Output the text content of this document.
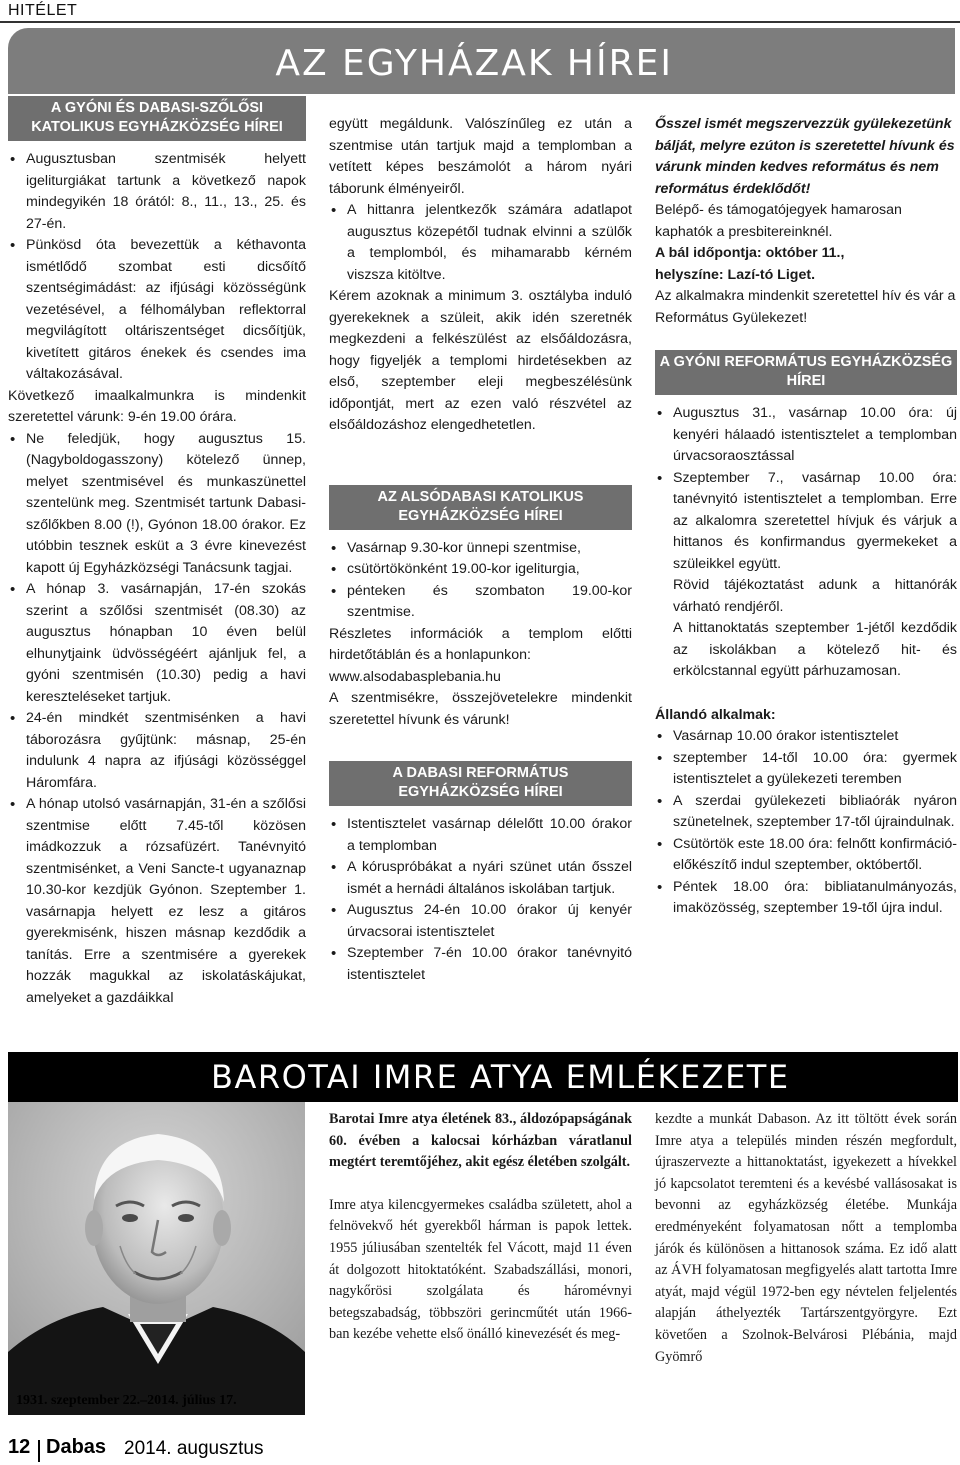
HITÉLET
AZ EGYHÁZAK HÍREI
A GYÓNI ÉS DABASI-SZŐLŐSI KATOLIKUS EGYHÁZKÖZSÉG HÍREI

• Augusztusban szentmisék helyett igeliturgiákat tartunk a következő napok mindegyikén 18 órától: 8., 11., 13., 25. és 27-én.

• Pünkösd óta bevezettük a kéthavonta ismétlődő szombat esti dicsőítő szentségimádást: az ifjúsági közösségünk vezetésével, a félhomályban reflektorral megvilágított oltáriszentséget dicsőítjük, kivetített gitáros énekek és csendes ima váltakozásával.

Következő imaalkalmunkra is mindenkit szeretettel várunk: 9-én 19.00 órára.

• Ne feledjük, hogy augusztus 15. (Nagyboldogasszony) kötelező ünnep, melyet szentmisével és munkaszünettel szentelünk meg. Szentmisét tartunk Dabasi-szőlőkben 8.00 (!), Gyónon 18.00 órakor. Ez utóbbin tesznek esküt a 3 évre kinevezést kapott új Egyházközségi Tanácsunk tagjai.

• A hónap 3. vasárnapján, 17-én szokás szerint a szőlősi szentmisét (08.30) az augusztus hónapban 10 éven belül elhunytjaink üdvösségéért ajánljuk fel, a gyóni szentmisén (10.30) pedig a havi kereszteléseket tartjuk.

• 24-én mindkét szentmisénken a havi táborozásra gyűjtünk: másnap, 25-én indulunk 4 napra az ifjúsági közösséggel Háromfára.

• A hónap utolsó vasárnapján, 31-én a szőlősi szentmise előtt 7.45-től közösen imádkozzuk a rózsafüzért. Tanévnyitó szentmisénket, a Veni Sancte-t ugyanaznap 10.30-kor kezdjük Gyónon. Szeptember 1. vasárnapja helyett ez lesz a gitáros gyerekmisénk, hiszen másnap kezdődik a tanítás. Erre a szentmisére a gyerekek hozzák magukkal az iskolatáskájukat, amelyeket a gazdáikkal

együtt megáldunk. Valószínűleg ez után a szentmise után tartjuk majd a templomban a vetített képes beszámolót a három nyári táborunk élményeiről.

• A hittanra jelentkezők számára adatlapot augusztus közepétől tudnak elvinni a szülők a templomból, és mihamarabb kérném viszsza kitöltve.

Kérem azoknak a minimum 3. osztályba induló gyerekeknek a szüleit, akik idén szeretnék megkezdeni a felkészülést az elsőáldozásra, hogy figyeljék a templomi hirdetésekben az első, szeptember eleji megbeszélésünk időpontját, mert az ezen való részvétel az elsőáldozáshoz elengedhetetlen.

AZ ALSÓDABASI KATOLIKUS EGYHÁZKÖZSÉG HÍREI

• Vasárnap 9.30-kor ünnepi szentmise,

• csütörtökönként 19.00-kor igeliturgia,

• pénteken és szombaton 19.00-kor szentmise.

Részletes információk a templom előtti hirdetőtáblán és a honlapunkon:

www.alsodabasplebania.hu

A szentmisékre, összejövetelekre mindenkit szeretettel hívunk és várunk!

A DABASI REFORMÁTUS EGYHÁZKÖZSÉG HÍREI

• Istentisztelet vasárnap délelőtt 10.00 órakor a templomban

• A kóruspróbákat a nyári szünet után ősszel ismét a hernádi általános iskolában tartjuk.

• Augusztus 24-én 10.00 órakor új kenyér úrvacsorai istentisztelet

• Szeptember 7-én 10.00 órakor tanévnyitó istentisztelet

Ősszel ismét megszervezzük gyülekezetünk bálját, melyre ezúton is szeretettel hívunk és várunk minden kedves református és nem református érdeklődőt!

Belépő- és támogatójegyek hamarosan kaphatók a presbitereinknél.

A bál időpontja: október 11.,

helyszíne: Lazí-tó Liget.

Az alkalmakra mindenkit szeretettel hív és vár a Református Gyülekezet!

A GYÓNI REFORMÁTUS EGYHÁZKÖZSÉG HÍREI

• Augusztus 31., vasárnap 10.00 óra: új kenyéri hálaadó istentisztelet a templomban úrvacsoraosztással

• Szeptember 7., vasárnap 10.00 óra: tanévnyitó istentisztelet a templomban. Erre az alkalomra szeretettel hívjuk és várjuk a hittanos és konfirmandus gyermekeket a szüleikkel együtt.

Rövid tájékoztatást adunk a hittanórák várható rendjéről.

A hittanoktatás szeptember 1-jétől kezdődik az iskolákban a kötelező hit- és erkölcstannal együtt párhuzamosan.

Állandó alkalmak:

• Vasárnap 10.00 órakor istentisztelet

• szeptember 14-től 10.00 óra: gyermek istentisztelet a gyülekezeti teremben

• A szerdai gyülekezeti bibliaórák nyáron szünetelnek, szeptember 17-től újraindulnak.

• Csütörtök este 18.00 óra: felnőtt konfirmáció-előkészítő indul szeptember, októbertől.

• Péntek 18.00 óra: bibliatanulmányozás, imaközösség, szeptember 19-től újra indul.

BAROTAI IMRE ATYA EMLÉKEZETE
1931. szeptember 22.–2014. július 17.

Barotai Imre atya életének 83., áldozópapságának 60. évében a kalocsai kórházban váratlanul megtért teremtőjéhez, akit egész életében szolgált.

Imre atya kilencgyermekes családba született, ahol a felnövekvő hét gyerekből hárman is papok lettek. 1955 júliusában szentelték fel Vácott, majd 11 éven át dolgozott hitoktatóként. Szabadszállási, monori, nagykőrösi szolgálata és háromévnyi betegszabadság, többszöri gerincműtét után 1966-ban kezébe vehette első önálló kinevezését és meg-

kezdte a munkát Dabason. Az itt töltött évek során Imre atya a település minden részén megfordult, újraszervezte a hittanoktatást, igyekezett a hívekkel jó kapcsolatot teremteni és a kevésbé vallásosakat is bevonni az egyházközség életébe. Munkája eredményeként folyamatosan nőtt a templomba járók és különösen a hittanosok száma. Ez idő alatt az ÁVH folyamatosan megfigyelés alatt tartotta Imre atyát, majd végül 1972-ben egy névtelen feljelentés alapján áthelyezték Tartárszentgyörgyre. Ezt követően a Szolnok-Belvárosi Plébánia, majd Gyömrő

12 Dabas 2014. augusztus
